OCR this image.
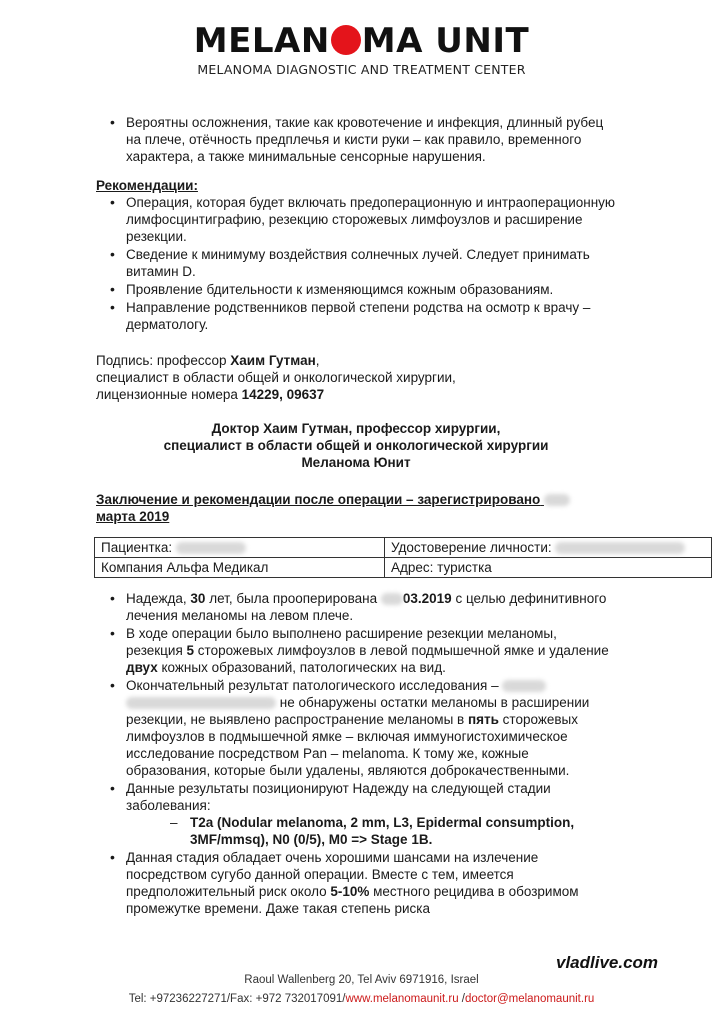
MELAN MA UNIT
MELANOMA DIAGNOSTIC AND TREATMENT CENTER
• Вероятны осложнения, такие как кровотечение и инфекция, длинный рубец на плече, отёчность предплечья и кисти руки – как правило, временного характера, а также минимальные сенсорные нарушения.
Рекомендации:
• Операция, которая будет включать предоперационную и интраоперационную лимфосцинтиграфию, резекцию сторожевых лимфоузлов и расширение резекции.
• Сведение к минимуму воздействия солнечных лучей. Следует принимать витамин D.
• Проявление бдительности к изменяющимся кожным образованиям.
• Направление родственников первой степени родства на осмотр к врачу – дерматологу.
Подпись: профессор Хаим Гутман,
специалист в области общей и онкологической хирургии,
лицензионные номера 14229, 09637
Доктор Хаим Гутман, профессор хирургии,
специалист в области общей и онкологической хирургии
Меланома Юнит
Заключение и рекомендации после операции – зарегистрировано
марта 2019
Пациентка:	Удостоверение личности:
Компания Альфа Медикал	Адрес: туристка
• Надежда, 30 лет, была прооперирована 03.2019 с целью дефинитивного лечения меланомы на левом плече.
• В ходе операции было выполнено расширение резекции меланомы, резекция 5 сторожевых лимфоузлов в левой подмышечной ямке и удаление двух кожных образований, патологических на вид.
• Окончательный результат патологического исследования –
не обнаружены остатки меланомы в расширении резекции, не выявлено распространение меланомы в пять сторожевых лимфоузлов в подмышечной ямке – включая иммуногистохимическое исследование посредством Pan – melanoma. К тому же, кожные образования, которые были удалены, являются доброкачественными.
• Данные результаты позиционируют Надежду на следующей стадии заболевания:
– T2a (Nodular melanoma, 2 mm, L3, Epidermal consumption, 3MF/mmsq), N0 (0/5), M0 => Stage 1B.
• Данная стадия обладает очень хорошими шансами на излечение посредством сугубо данной операции. Вместе с тем, имеется предположительный риск около 5-10% местного рецидива в обозримом промежутке времени. Даже такая степень риска
vladlive.com
Raoul Wallenberg 20, Tel Aviv 6971916, Israel
Tel: +97236227271/Fax: +972 732017091/www.melanomaunit.ru /doctor@melanomaunit.ru
